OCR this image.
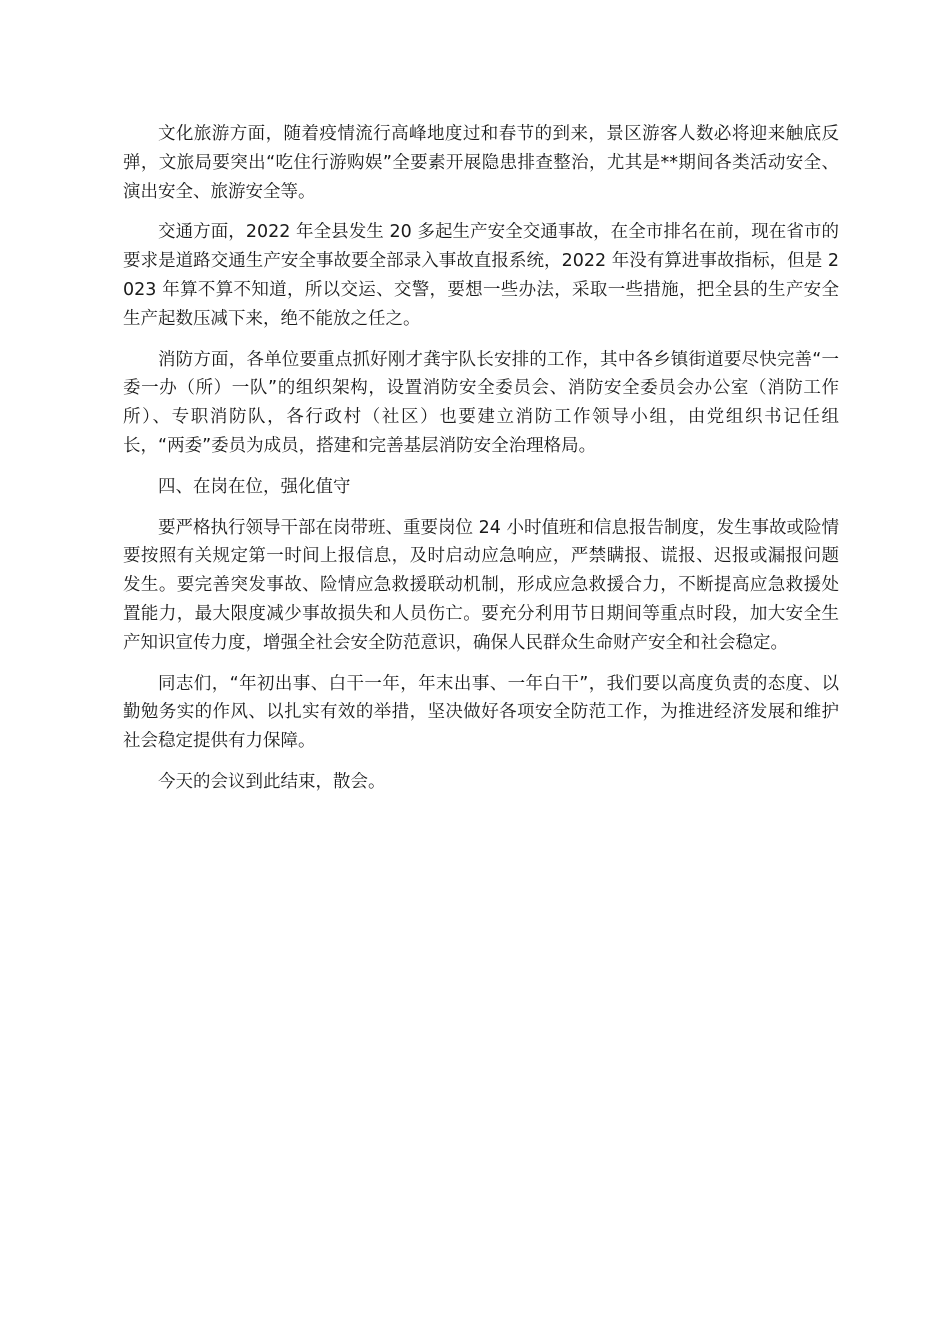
文化旅游方面，随着疫情流行高峰地度过和春节的到来，景区游客人数必将迎来触底反弹，文旅局要突出“吃住行游购娱”全要素开展隐患排查整治，尤其是**期间各类活动安全、演出安全、旅游安全等。

交通方面，2022 年全县发生 20 多起生产安全交通事故，在全市排名在前，现在省市的要求是道路交通生产安全事故要全部录入事故直报系统，2022 年没有算进事故指标，但是 2023 年算不算不知道，所以交运、交警，要想一些办法，采取一些措施，把全县的生产安全生产起数压减下来，绝不能放之任之。

消防方面，各单位要重点抓好刚才龚宇队长安排的工作，其中各乡镇街道要尽快完善“一委一办（所）一队”的组织架构，设置消防安全委员会、消防安全委员会办公室（消防工作所）、专职消防队，各行政村（社区）也要建立消防工作领导小组，由党组织书记任组长，“两委”委员为成员，搭建和完善基层消防安全治理格局。

四、在岗在位，强化值守

要严格执行领导干部在岗带班、重要岗位 24 小时值班和信息报告制度，发生事故或险情要按照有关规定第一时间上报信息，及时启动应急响应，严禁瞒报、谎报、迟报或漏报问题发生。要完善突发事故、险情应急救援联动机制，形成应急救援合力，不断提高应急救援处置能力，最大限度减少事故损失和人员伤亡。要充分利用节日期间等重点时段，加大安全生产知识宣传力度，增强全社会安全防范意识，确保人民群众生命财产安全和社会稳定。

同志们，“年初出事、白干一年，年末出事、一年白干”，我们要以高度负责的态度、以勤勉务实的作风、以扎实有效的举措，坚决做好各项安全防范工作，为推进经济发展和维护社会稳定提供有力保障。

今天的会议到此结束，散会。
